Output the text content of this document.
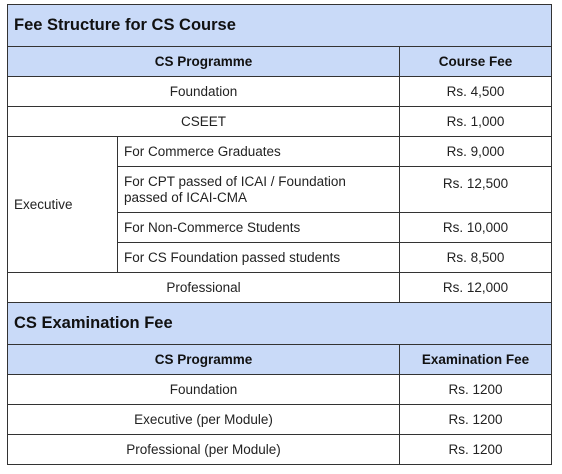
Fee Structure for CS Course		
CS Programme		Course Fee
Foundation		Rs. 4,500
CSEET		Rs. 1,000
Executive	For Commerce Graduates	Rs. 9,000
	For CPT passed of ICAI / Foundation passed of ICAI-CMA	Rs. 12,500
	For Non-Commerce Students	Rs. 10,000
	For CS Foundation passed students	Rs. 8,500
Professional		Rs. 12,000
CS Examination Fee		
CS Programme		Examination Fee
Foundation		Rs. 1200
Executive (per Module)		Rs. 1200
Professional (per Module)		Rs. 1200
